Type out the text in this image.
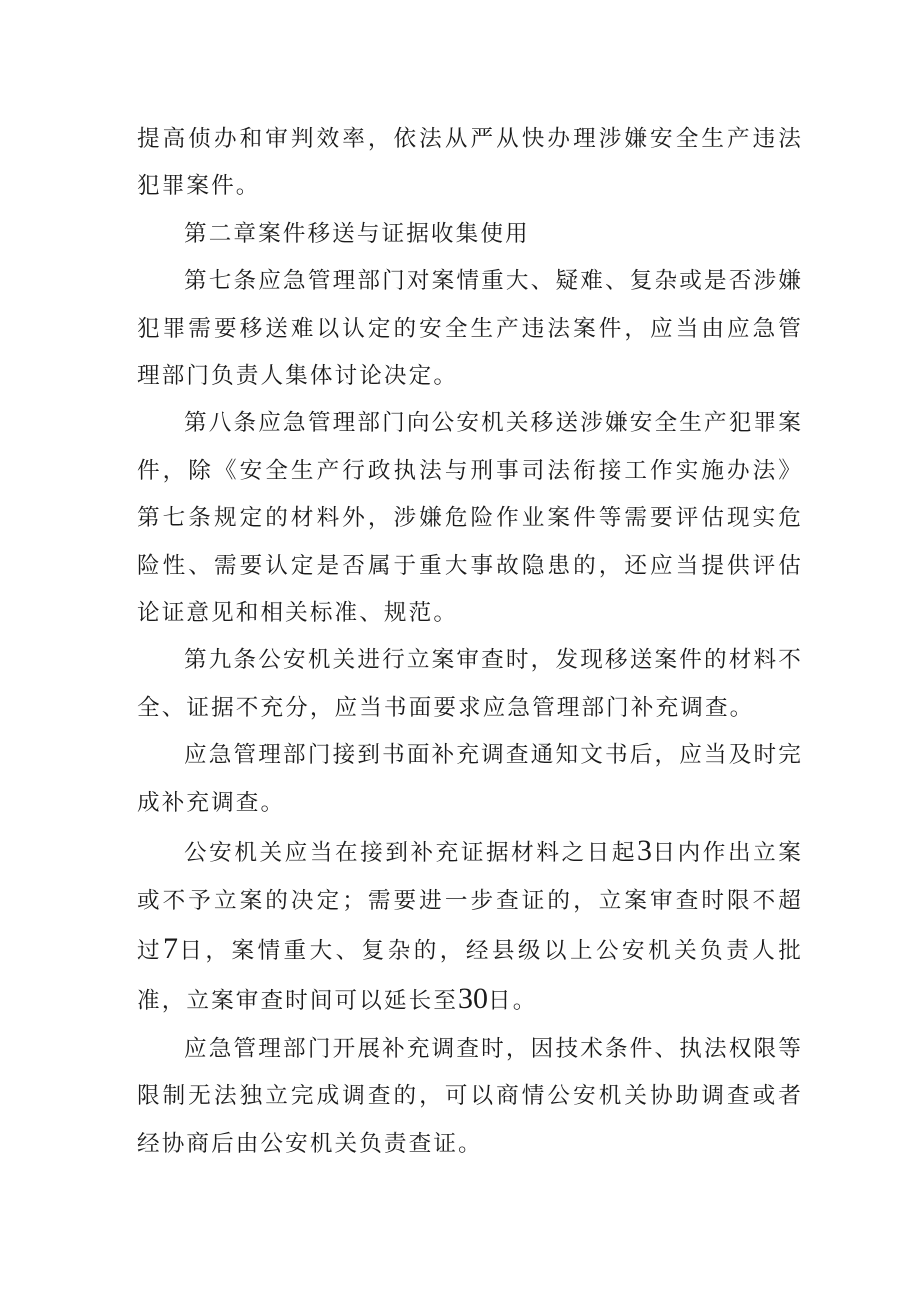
提高侦办和审判效率，依法从严从快办理涉嫌安全生产违法犯罪案件。

第二章案件移送与证据收集使用

第七条应急管理部门对案情重大、疑难、复杂或是否涉嫌犯罪需要移送难以认定的安全生产违法案件，应当由应急管理部门负责人集体讨论决定。

第八条应急管理部门向公安机关移送涉嫌安全生产犯罪案件，除《安全生产行政执法与刑事司法衔接工作实施办法》第七条规定的材料外，涉嫌危险作业案件等需要评估现实危险性、需要认定是否属于重大事故隐患的，还应当提供评估论证意见和相关标准、规范。

第九条公安机关进行立案审查时，发现移送案件的材料不全、证据不充分，应当书面要求应急管理部门补充调查。

应急管理部门接到书面补充调查通知文书后，应当及时完成补充调查。

公安机关应当在接到补充证据材料之日起3日内作出立案或不予立案的决定；需要进一步查证的，立案审查时限不超过7日，案情重大、复杂的，经县级以上公安机关负责人批准，立案审查时间可以延长至30日。

应急管理部门开展补充调查时，因技术条件、执法权限等限制无法独立完成调查的，可以商情公安机关协助调查或者经协商后由公安机关负责查证。
